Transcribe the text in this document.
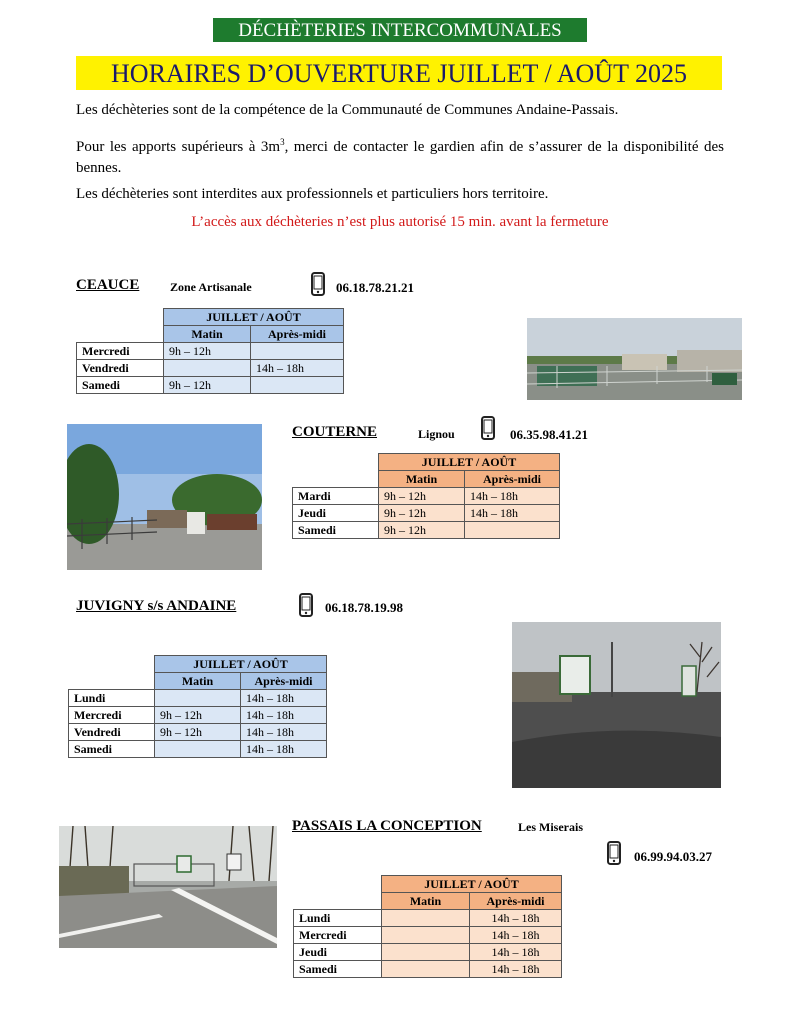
DÉCHÈTERIES INTERCOMMUNALES
HORAIRES D’OUVERTURE JUILLET / AOÛT 2025
Les déchèteries sont de la compétence de la Communauté de Communes Andaine-Passais.
Pour les apports supérieurs à $3m^3$, merci de contacter le gardien afin de s’assurer de la disponibilité des bennes.
Les déchèteries sont interdites aux professionnels et particuliers hors territoire.
L’accès aux déchèteries n’est plus autorisé 15 min. avant la fermeture
CEAUCE	Zone Artisanale	06.18.78.21.21
	JUILLET / AOÛT	
	Matin	Après-midi
Mercredi	9h – 12h	
Vendredi		14h – 18h
Samedi	9h – 12h	
COUTERNE	Lignou	06.35.98.41.21
	JUILLET / AOÛT	
	Matin	Après-midi
Mardi	9h – 12h	14h – 18h
Jeudi	9h – 12h	14h – 18h
Samedi	9h – 12h	
JUVIGNY s/s ANDAINE	06.18.78.19.98
	JUILLET / AOÛT	
	Matin	Après-midi
Lundi		14h – 18h
Mercredi	9h – 12h	14h – 18h
Vendredi	9h – 12h	14h – 18h
Samedi		14h – 18h
PASSAIS LA CONCEPTION	Les Miserais
06.99.94.03.27
	JUILLET / AOÛT	
	Matin	Après-midi
Lundi		14h – 18h
Mercredi		14h – 18h
Jeudi		14h – 18h
Samedi		14h – 18h
